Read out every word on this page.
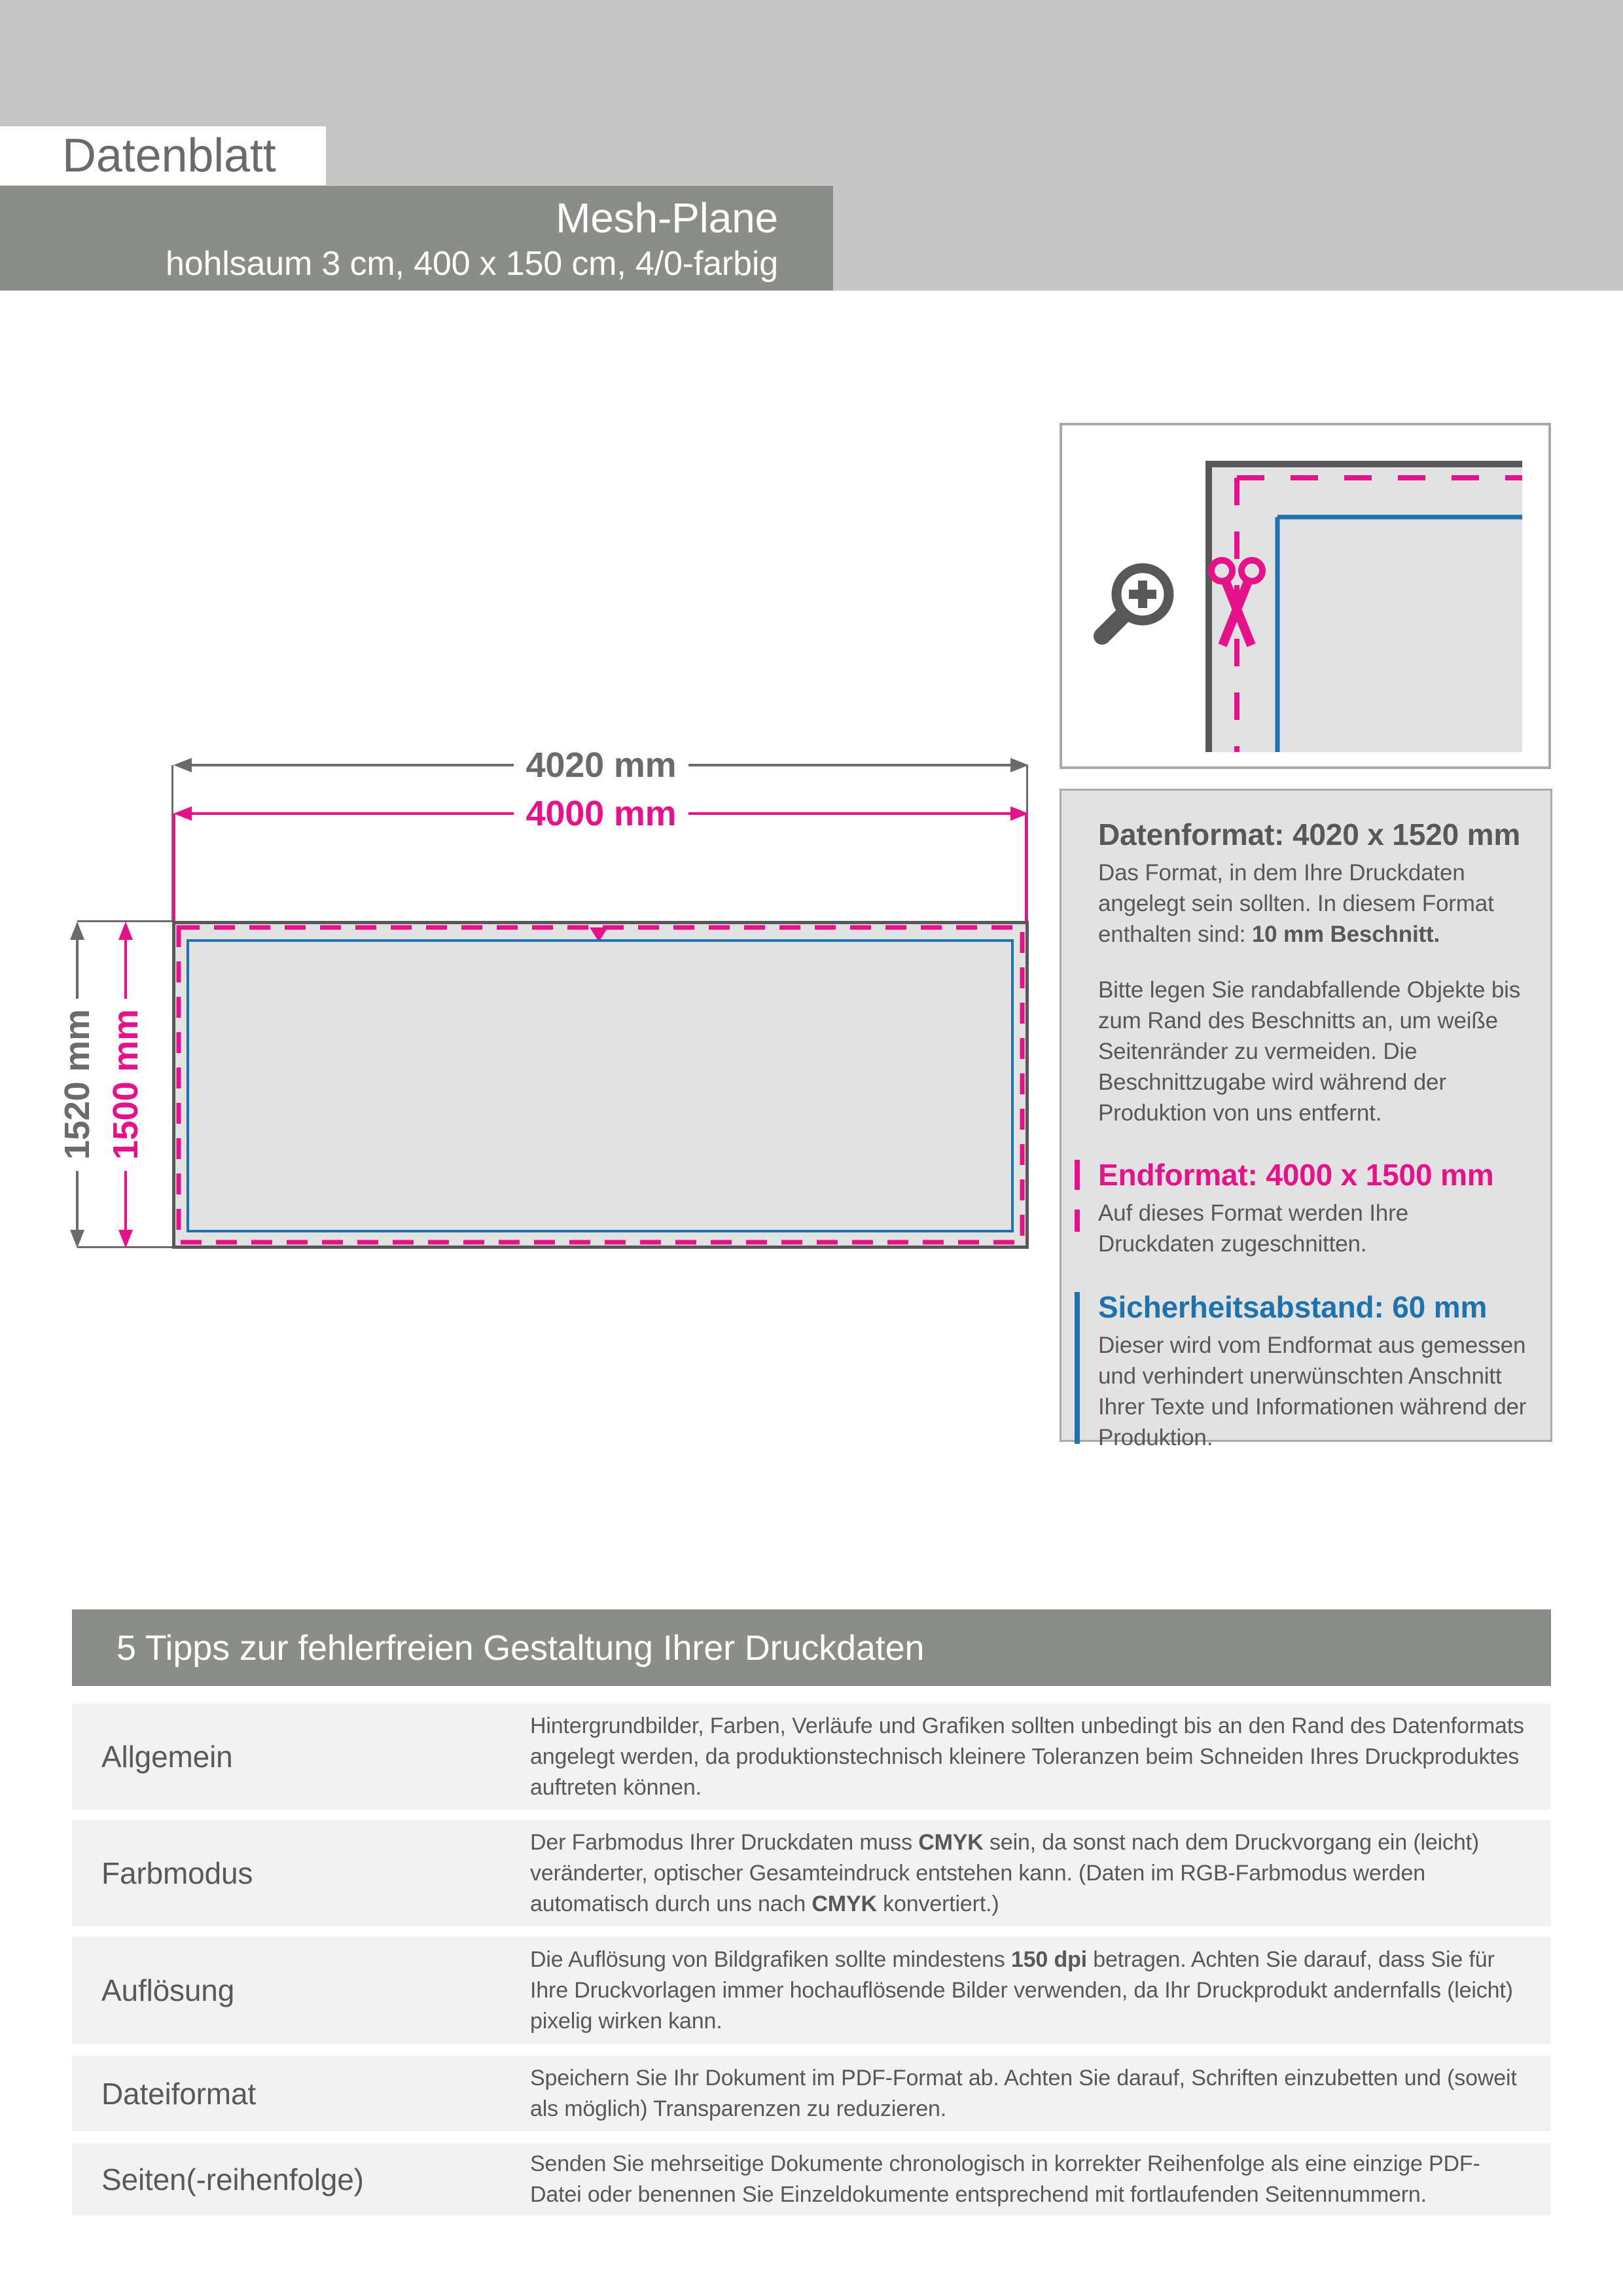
Datenblatt
Mesh-Plane
hohlsaum 3 cm, 400 x 150 cm, 4/0-farbig
4020 mm
4000 mm
1520 mm 1500 mm
Datenformat: 4020 x 1520 mm

Das Format, in dem Ihre Druckdaten angelegt sein sollten. In diesem Format enthalten sind: 10 mm Beschnitt.

Bitte legen Sie randabfallende Objekte bis zum Rand des Beschnitts an, um weiße Seitenränder zu vermeiden. Die Beschnittzugabe wird während der Produktion von uns entfernt.

Endformat: 4000 x 1500 mm

Auf dieses Format werden Ihre Druckdaten zugeschnitten.

Sicherheitsabstand: 60 mm

Dieser wird vom Endformat aus gemessen und verhindert unerwünschten Anschnitt Ihrer Texte und Informationen während der Produktion.

5 Tipps zur fehlerfreien Gestaltung Ihrer Druckdaten
Allgemein
Hintergrundbilder, Farben, Verläufe und Grafiken sollten unbedingt bis an den Rand des Datenformats angelegt werden, da produktionstechnisch kleinere Toleranzen beim Schneiden Ihres Druckproduktes auftreten können.
Farbmodus
Der Farbmodus Ihrer Druckdaten muss CMYK sein, da sonst nach dem Druckvorgang ein (leicht) veränderter, optischer Gesamteindruck entstehen kann. (Daten im RGB-Farbmodus werden automatisch durch uns nach CMYK konvertiert.)
Auflösung
Die Auflösung von Bildgrafiken sollte mindestens 150 dpi betragen. Achten Sie darauf, dass Sie für Ihre Druckvorlagen immer hochauflösende Bilder verwenden, da Ihr Druckprodukt andernfalls (leicht) pixelig wirken kann.
Dateiformat	Speichern Sie Ihr Dokument im PDF-Format ab. Achten Sie darauf, Schriften einzubetten und (soweit als möglich) Transparenzen zu reduzieren.
Seiten(-reihenfolge)	Senden Sie mehrseitige Dokumente chronologisch in korrekter Reihenfolge als eine einzige PDF-Datei oder benennen Sie Einzeldokumente entsprechend mit fortlaufenden Seitennummern.
